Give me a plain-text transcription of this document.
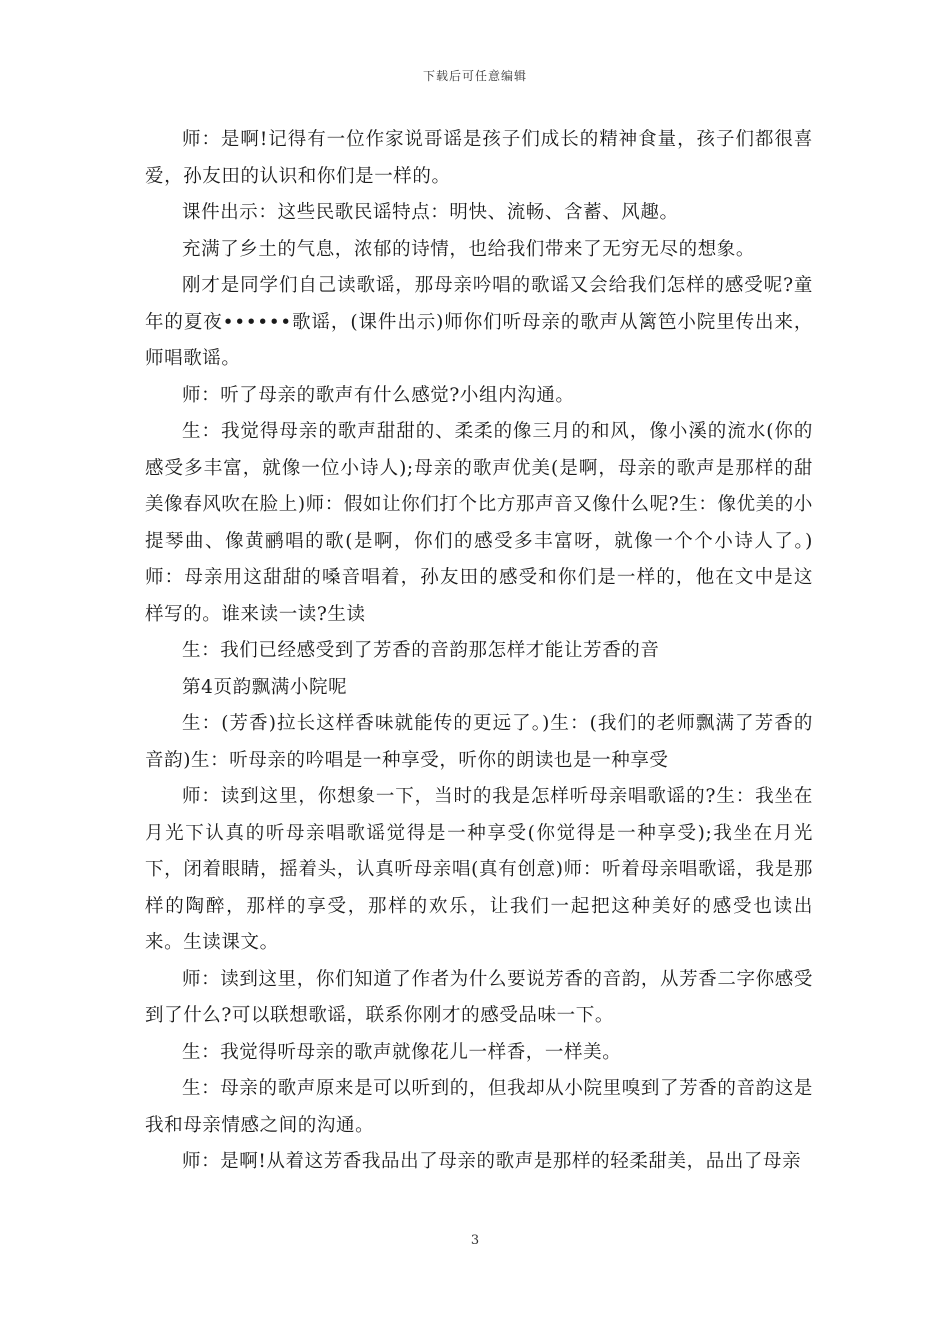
下载后可任意编辑

师：是啊!记得有一位作家说哥谣是孩子们成长的精神食量，孩子们都很喜爱，孙友田的认识和你们是一样的。

课件出示：这些民歌民谣特点：明快、流畅、含蓄、风趣。

充满了乡土的气息，浓郁的诗情，也给我们带来了无穷无尽的想象。

刚才是同学们自己读歌谣，那母亲吟唱的歌谣又会给我们怎样的感受呢?童年的夏夜••••••歌谣，(课件出示)师你们听母亲的歌声从篱笆小院里传出来，师唱歌谣。

师：听了母亲的歌声有什么感觉?小组内沟通。

生：我觉得母亲的歌声甜甜的、柔柔的像三月的和风，像小溪的流水(你的感受多丰富，就像一位小诗人);母亲的歌声优美(是啊，母亲的歌声是那样的甜美像春风吹在脸上)师：假如让你们打个比方那声音又像什么呢?生：像优美的小提琴曲、像黄鹂唱的歌(是啊，你们的感受多丰富呀，就像一个个小诗人了。)师：母亲用这甜甜的嗓音唱着，孙友田的感受和你们是一样的，他在文中是这样写的。谁来读一读?生读

生：我们已经感受到了芳香的音韵那怎样才能让芳香的音

第4页韵飘满小院呢

生：(芳香)拉长这样香味就能传的更远了。)生：(我们的老师飘满了芳香的音韵)生：听母亲的吟唱是一种享受，听你的朗读也是一种享受

师：读到这里，你想象一下，当时的我是怎样听母亲唱歌谣的?生：我坐在月光下认真的听母亲唱歌谣觉得是一种享受(你觉得是一种享受);我坐在月光下，闭着眼睛，摇着头，认真听母亲唱(真有创意)师：听着母亲唱歌谣，我是那样的陶醉，那样的享受，那样的欢乐，让我们一起把这种美好的感受也读出来。生读课文。

师：读到这里，你们知道了作者为什么要说芳香的音韵，从芳香二字你感受到了什么?可以联想歌谣，联系你刚才的感受品味一下。

生：我觉得听母亲的歌声就像花儿一样香，一样美。

生：母亲的歌声原来是可以听到的，但我却从小院里嗅到了芳香的音韵这是我和母亲情感之间的沟通。

师：是啊!从着这芳香我品出了母亲的歌声是那样的轻柔甜美，品出了母亲

3
